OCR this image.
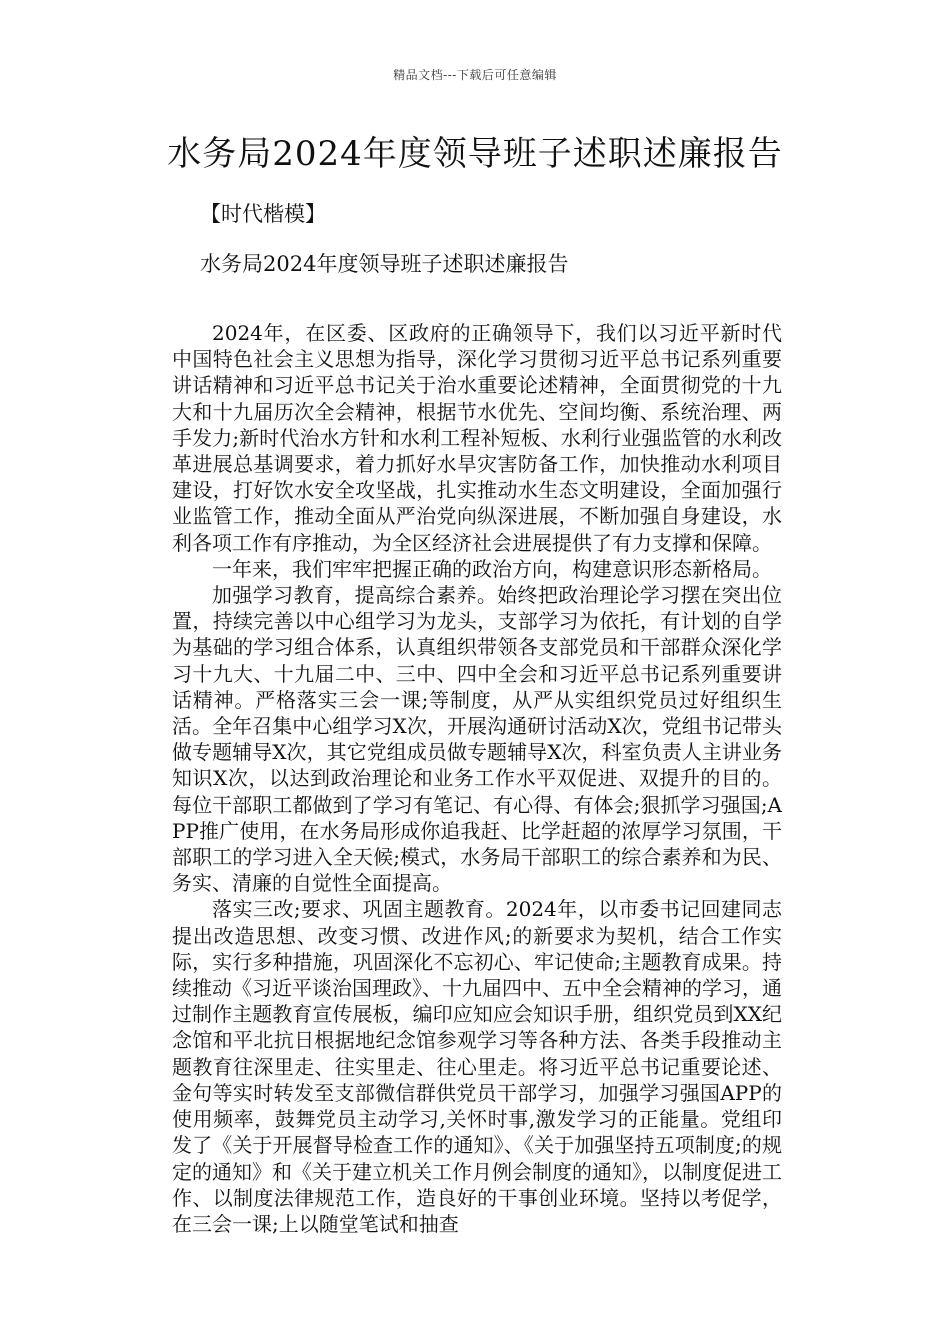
精品文档---下载后可任意编辑
水务局2024年度领导班子述职述廉报告
【时代楷模】
水务局2024年度领导班子述职述廉报告

2024年，在区委、区政府的正确领导下，我们以习近平新时代中国特色社会主义思想为指导，深化学习贯彻习近平总书记系列重要讲话精神和习近平总书记关于治水重要论述精神，全面贯彻党的十九大和十九届历次全会精神，根据节水优先、空间均衡、系统治理、两手发力;新时代治水方针和水利工程补短板、水利行业强监管的水利改革进展总基调要求，着力抓好水旱灾害防备工作，加快推动水利项目建设，打好饮水安全攻坚战，扎实推动水生态文明建设，全面加强行业监管工作，推动全面从严治党向纵深进展，不断加强自身建设，水利各项工作有序推动，为全区经济社会进展提供了有力支撑和保障。

一年来，我们牢牢把握正确的政治方向，构建意识形态新格局。

加强学习教育，提高综合素养。始终把政治理论学习摆在突出位置，持续完善以中心组学习为龙头，支部学习为依托，有计划的自学为基础的学习组合体系，认真组织带领各支部党员和干部群众深化学习十九大、十九届二中、三中、四中全会和习近平总书记系列重要讲话精神。严格落实三会一课;等制度，从严从实组织党员过好组织生活。全年召集中心组学习X次，开展沟通研讨活动X次，党组书记带头做专题辅导X次，其它党组成员做专题辅导X次，科室负责人主讲业务知识X次，以达到政治理论和业务工作水平双促进、双提升的目的。每位干部职工都做到了学习有笔记、有心得、有体会;狠抓学习强国;APP推广使用，在水务局形成你追我赶、比学赶超的浓厚学习氛围，干部职工的学习进入全天候;模式，水务局干部职工的综合素养和为民、务实、清廉的自觉性全面提高。

落实三改;要求、巩固主题教育。2024年，以市委书记回建同志提出改造思想、改变习惯、改进作风;的新要求为契机，结合工作实际，实行多种措施，巩固深化不忘初心、牢记使命;主题教育成果。持续推动《习近平谈治国理政》、十九届四中、五中全会精神的学习，通过制作主题教育宣传展板，编印应知应会知识手册，组织党员到XX纪念馆和平北抗日根据地纪念馆参观学习等各种方法、各类手段推动主题教育往深里走、往实里走、往心里走。将习近平总书记重要论述、金句等实时转发至支部微信群供党员干部学习，加强学习强国APP的使用频率，鼓舞党员主动学习,关怀时事,激发学习的正能量。党组印发了《关于开展督导检查工作的通知》、《关于加强坚持五项制度;的规定的通知》和《关于建立机关工作月例会制度的通知》，以制度促进工作、以制度法律规范工作，造良好的干事创业环境。坚持以考促学，在三会一课;上以随堂笔试和抽查
